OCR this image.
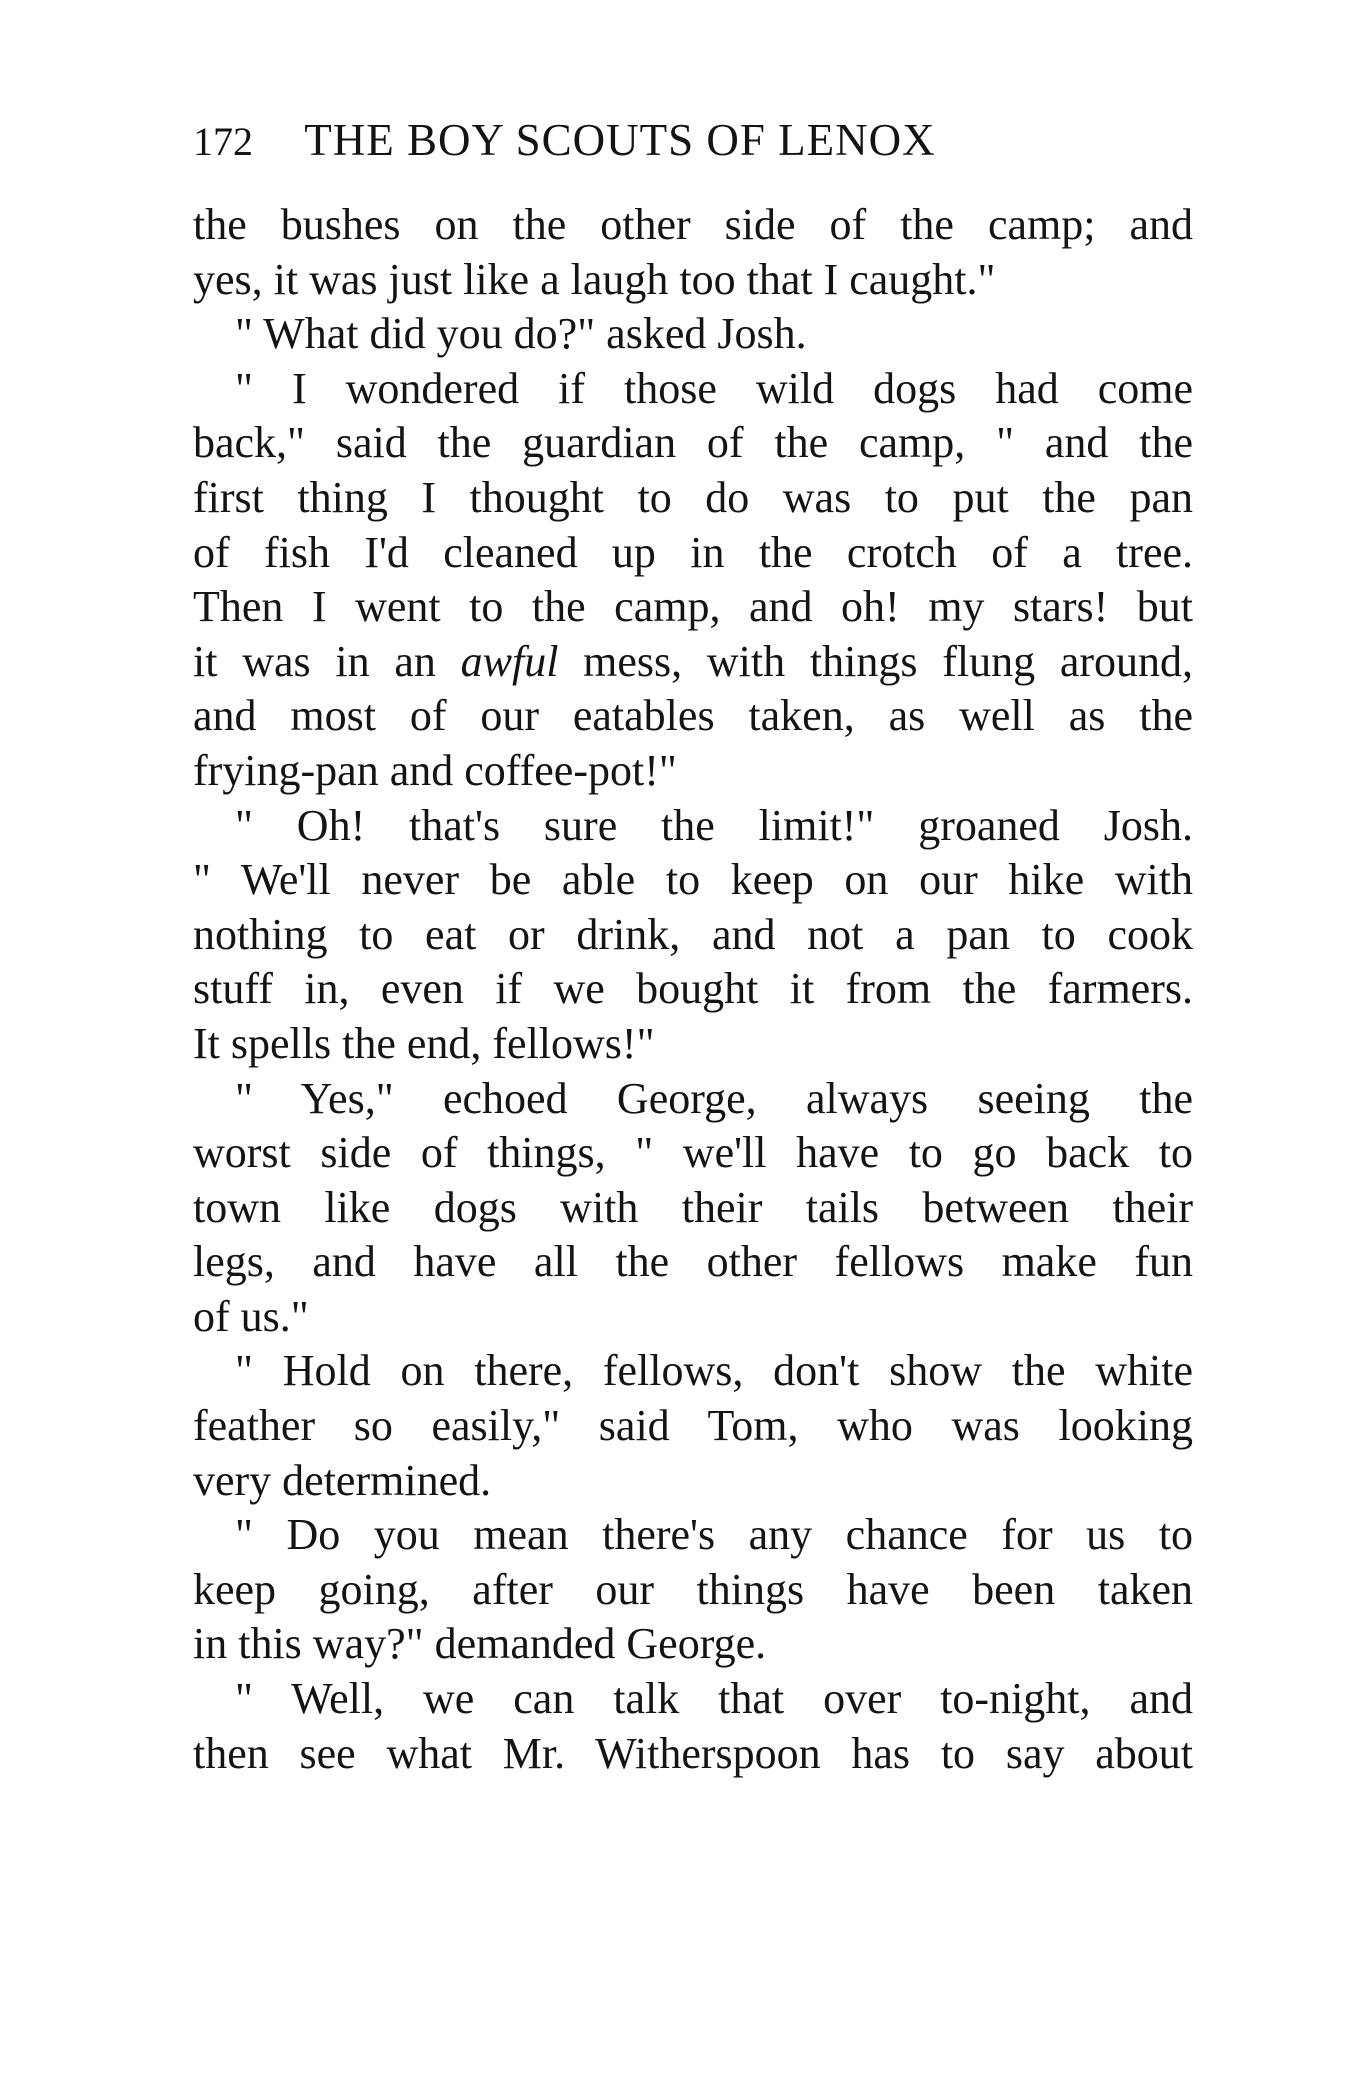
172 THE BOY SCOUTS OF LENOX
the bushes on the other side of the camp; and
yes, it was just like a laugh too that I caught."
" What did you do?" asked Josh.
" I wondered if those wild dogs had come
back," said the guardian of the camp, " and the
first thing I thought to do was to put the pan
of fish I'd cleaned up in the crotch of a tree.
Then I went to the camp, and oh! my stars! but
it was in an awful mess, with things flung around,
and most of our eatables taken, as well as the
frying-pan and coffee-pot!"
" Oh! that's sure the limit!" groaned Josh.
" We'll never be able to keep on our hike with
nothing to eat or drink, and not a pan to cook
stuff in, even if we bought it from the farmers.
It spells the end, fellows!"
" Yes," echoed George, always seeing the
worst side of things, " we'll have to go back to
town like dogs with their tails between their
legs, and have all the other fellows make fun
of us."
" Hold on there, fellows, don't show the white
feather so easily," said Tom, who was looking
very determined.
" Do you mean there's any chance for us to
keep going, after our things have been taken
in this way?" demanded George.
" Well, we can talk that over to-night, and
then see what Mr. Witherspoon has to say about
